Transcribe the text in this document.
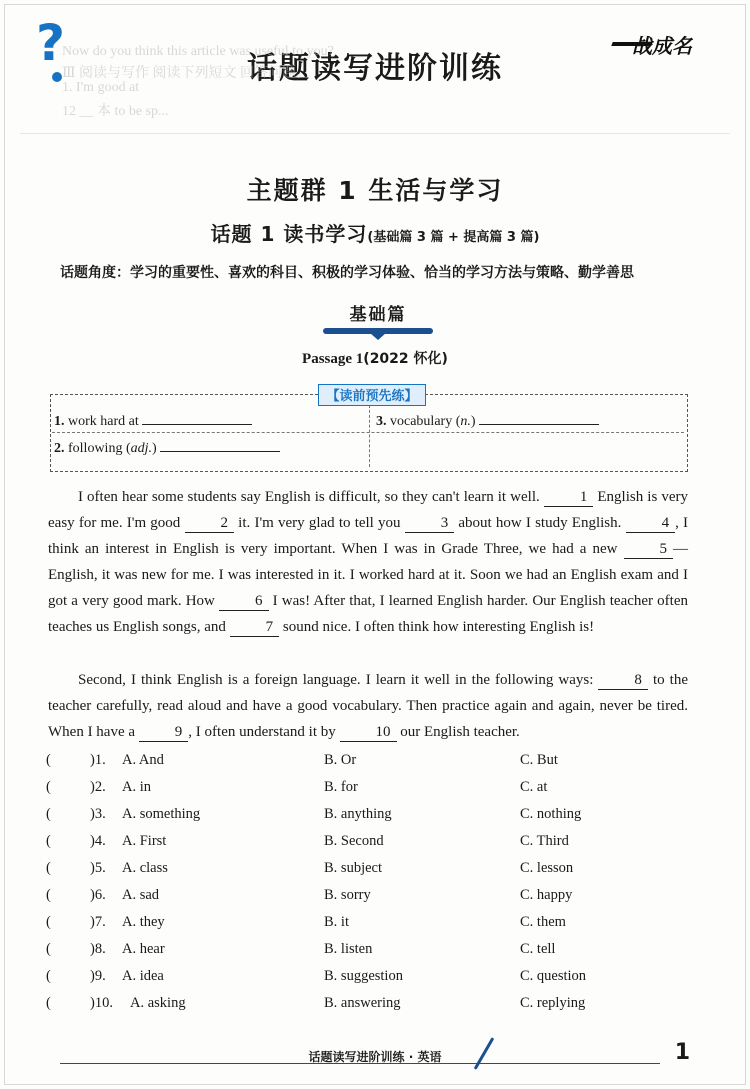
?	话题读写进阶训练
一战成名
Now do you think this article was useful to you?
Ⅲ 阅读与写作 阅读下列短文 回答问题。
1. I'm good at
12 __ 本 to be sp...
主题群 1 生活与学习
话题 1 读书学习(基础篇 3 篇 + 提高篇 3 篇)
话题角度：学习的重要性、喜欢的科目、积极的学习体验、恰当的学习方法与策略、勤学善思
基础篇
Passage 1(2022 怀化)
【读前预先练】
1. work hard at
2. following (adj.)
3. vocabulary (n.)
I often hear some students say English is difficult, so they can't learn it well. 1 English is very easy for me. I'm good 2 it. I'm very glad to tell you 3 about how I study English. 4 , I think an interest in English is very important. When I was in Grade Three, we had a new 5 —English, it was new for me. I was interested in it. I worked hard at it. Soon we had an English exam and I got a very good mark. How 6 I was! After that, I learned English harder. Our English teacher often teaches us English songs, and 7 sound nice. I often think how interesting English is!
Second, I think English is a foreign language. I learn it well in the following ways: 8 to the teacher carefully, read aloud and have a good vocabulary. Then practice again and again, never be tired. When I have a 9 , I often understand it by 10 our English teacher.
(	)1. A. And	B. Or	C. But
(	)2. A. in	B. for	C. at
(	)3. A. something	B. anything	C. nothing
(	)4. A. First	B. Second	C. Third
(	)5. A. class	B. subject	C. lesson
(	)6. A. sad	B. sorry	C. happy
(	)7. A. they	B. it	C. them
(	)8. A. hear	B. listen	C. tell
(	)9. A. idea	B. suggestion	C. question
(	)10. A. asking	B. answering	C. replying
话题读写进阶训练 · 英语	1
